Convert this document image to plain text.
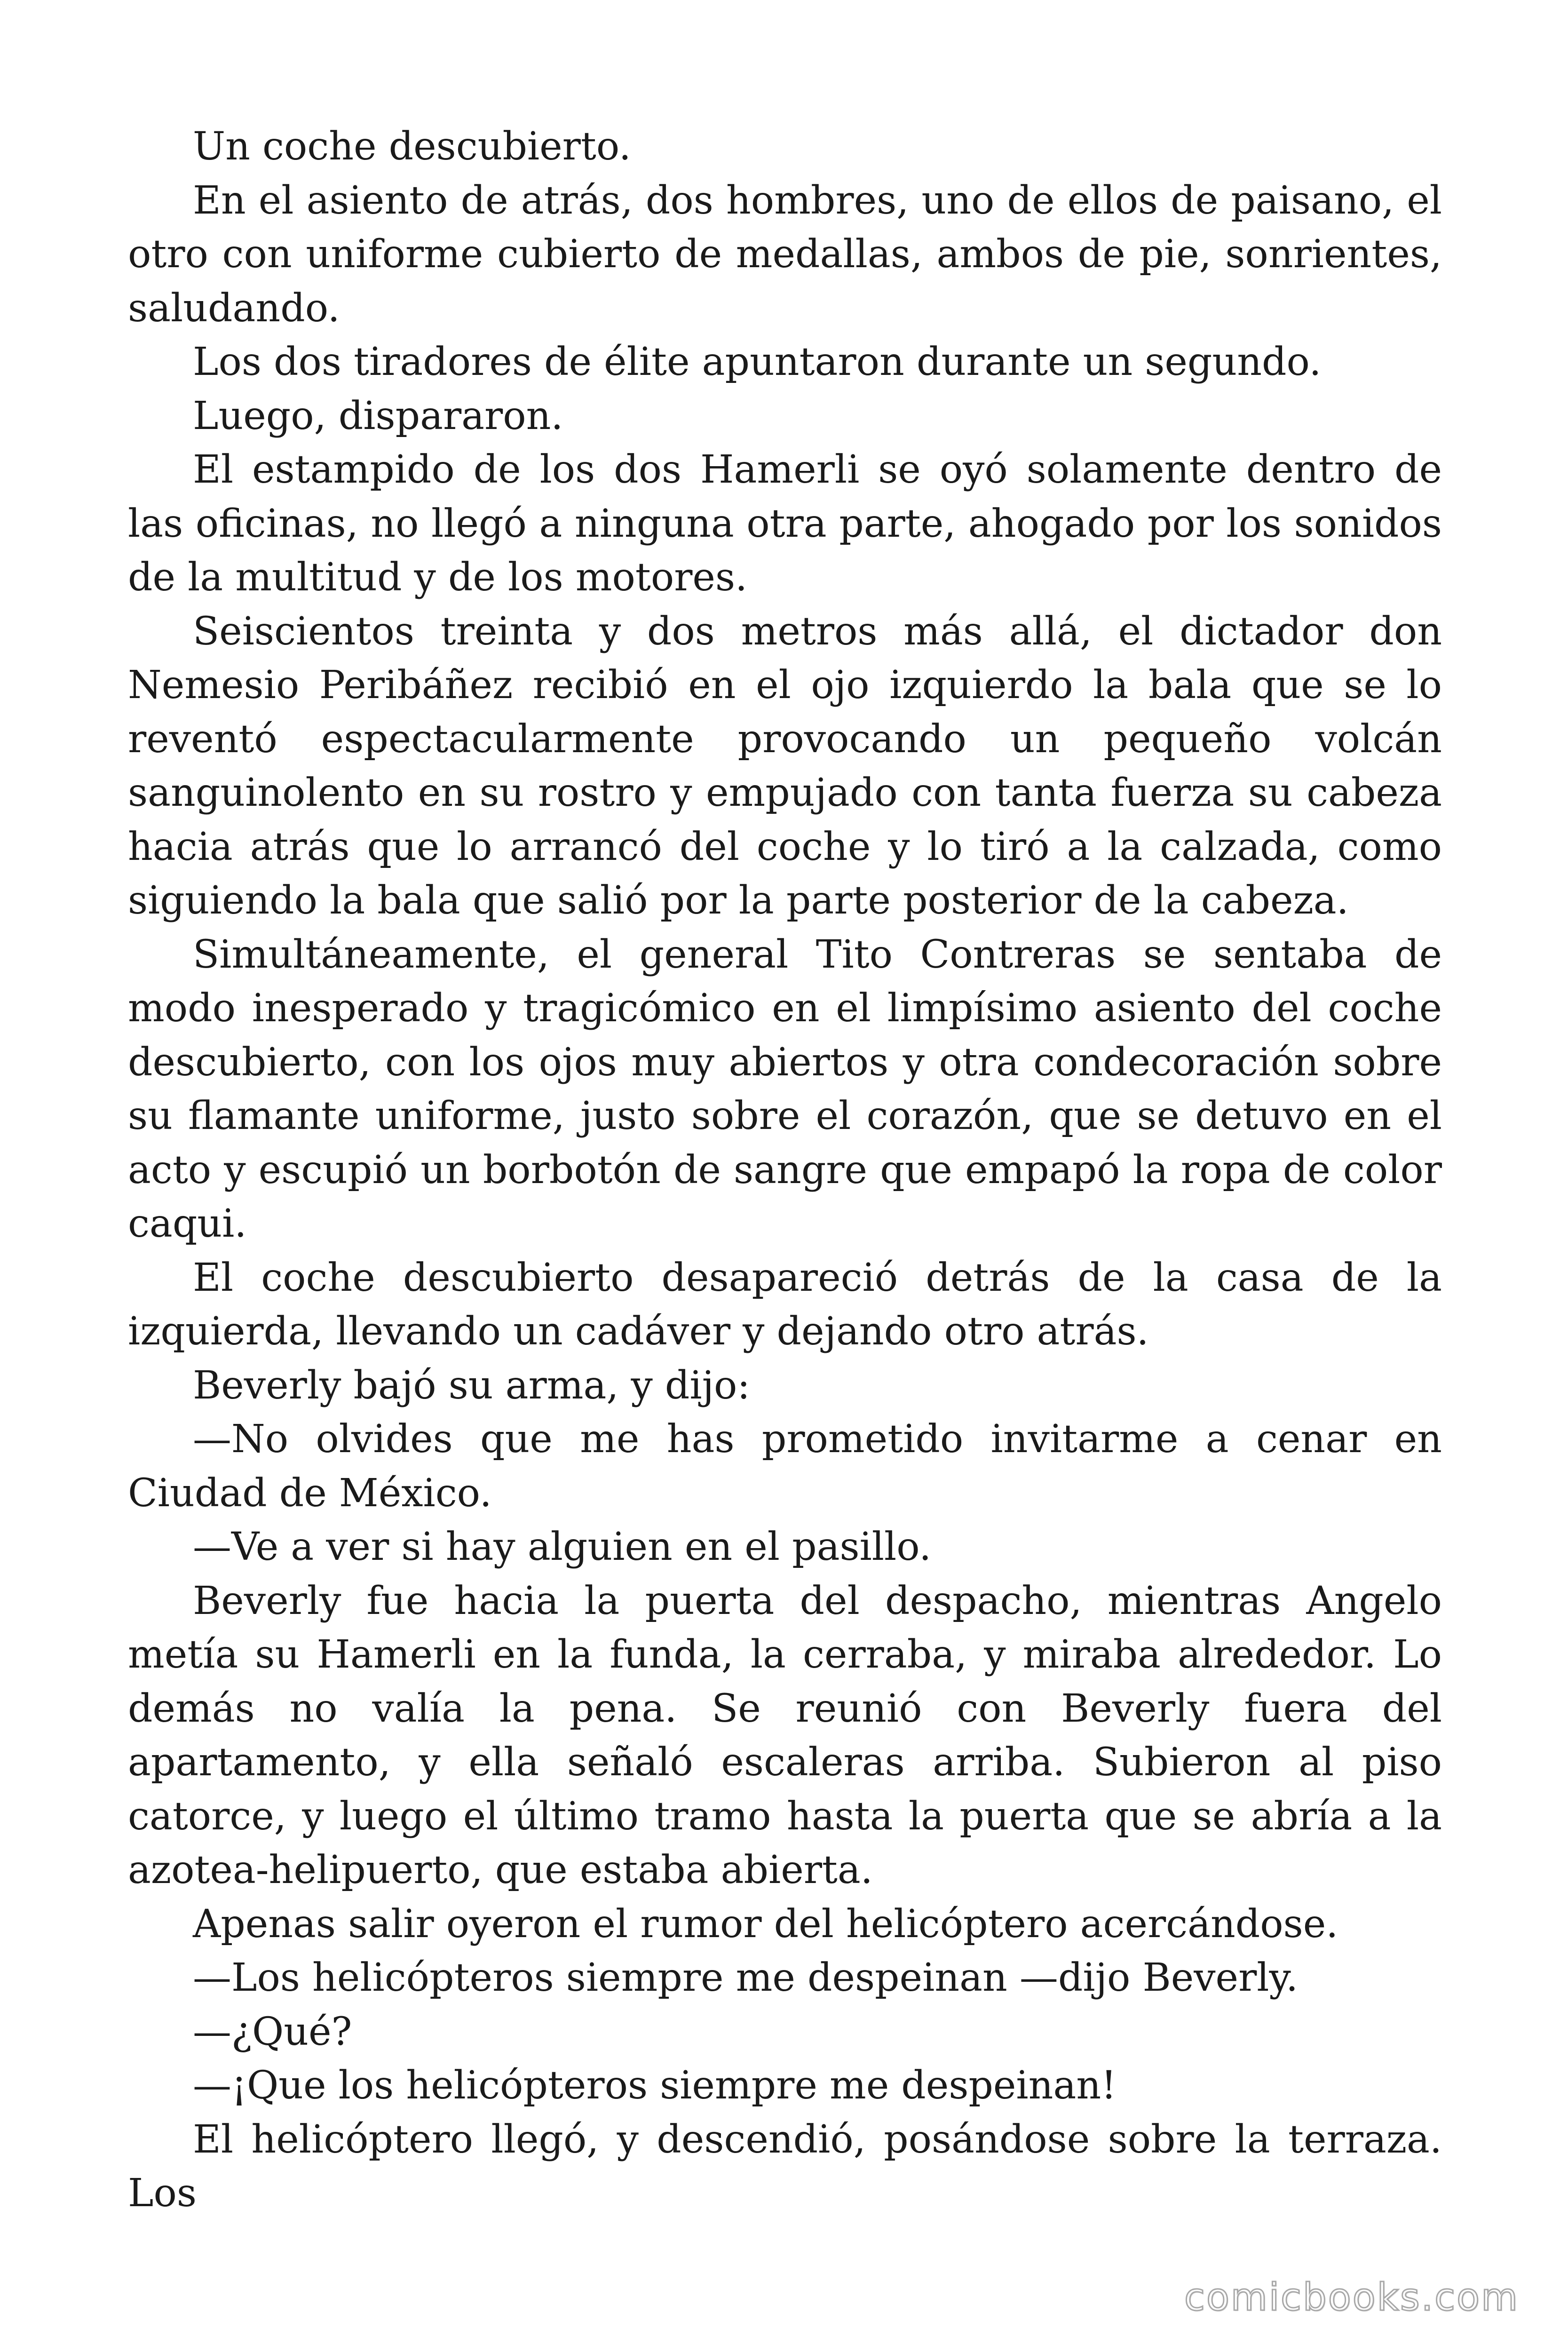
Un coche descubierto.

En el asiento de atrás, dos hombres, uno de ellos de paisano, el otro con uniforme cubierto de medallas, ambos de pie, sonrientes, saludando.

Los dos tiradores de élite apuntaron durante un segundo.

Luego, dispararon.

El estampido de los dos Hamerli se oyó solamente dentro de las oficinas, no llegó a ninguna otra parte, ahogado por los sonidos de la multitud y de los motores.

Seiscientos treinta y dos metros más allá, el dictador don Nemesio Peribáñez recibió en el ojo izquierdo la bala que se lo reventó espectacularmente provocando un pequeño volcán sanguinolento en su rostro y empujado con tanta fuerza su cabeza hacia atrás que lo arrancó del coche y lo tiró a la calzada, como siguiendo la bala que salió por la parte posterior de la cabeza.

Simultáneamente, el general Tito Contreras se sentaba de modo inesperado y tragicómico en el limpísimo asiento del coche descubierto, con los ojos muy abiertos y otra condecoración sobre su flamante uniforme, justo sobre el corazón, que se detuvo en el acto y escupió un borbotón de sangre que empapó la ropa de color caqui.

El coche descubierto desapareció detrás de la casa de la izquierda, llevando un cadáver y dejando otro atrás.

Beverly bajó su arma, y dijo:

—No olvides que me has prometido invitarme a cenar en Ciudad de México.

—Ve a ver si hay alguien en el pasillo.

Beverly fue hacia la puerta del despacho, mientras Angelo metía su Hamerli en la funda, la cerraba, y miraba alrededor. Lo demás no valía la pena. Se reunió con Beverly fuera del apartamento, y ella señaló escaleras arriba. Subieron al piso catorce, y luego el último tramo hasta la puerta que se abría a la azotea-helipuerto, que estaba abierta.

Apenas salir oyeron el rumor del helicóptero acercándose.

—Los helicópteros siempre me despeinan —dijo Beverly.

—¿Qué?

—¡Que los helicópteros siempre me despeinan!

El helicóptero llegó, y descendió, posándose sobre la terraza. Los

comicbooks.com
